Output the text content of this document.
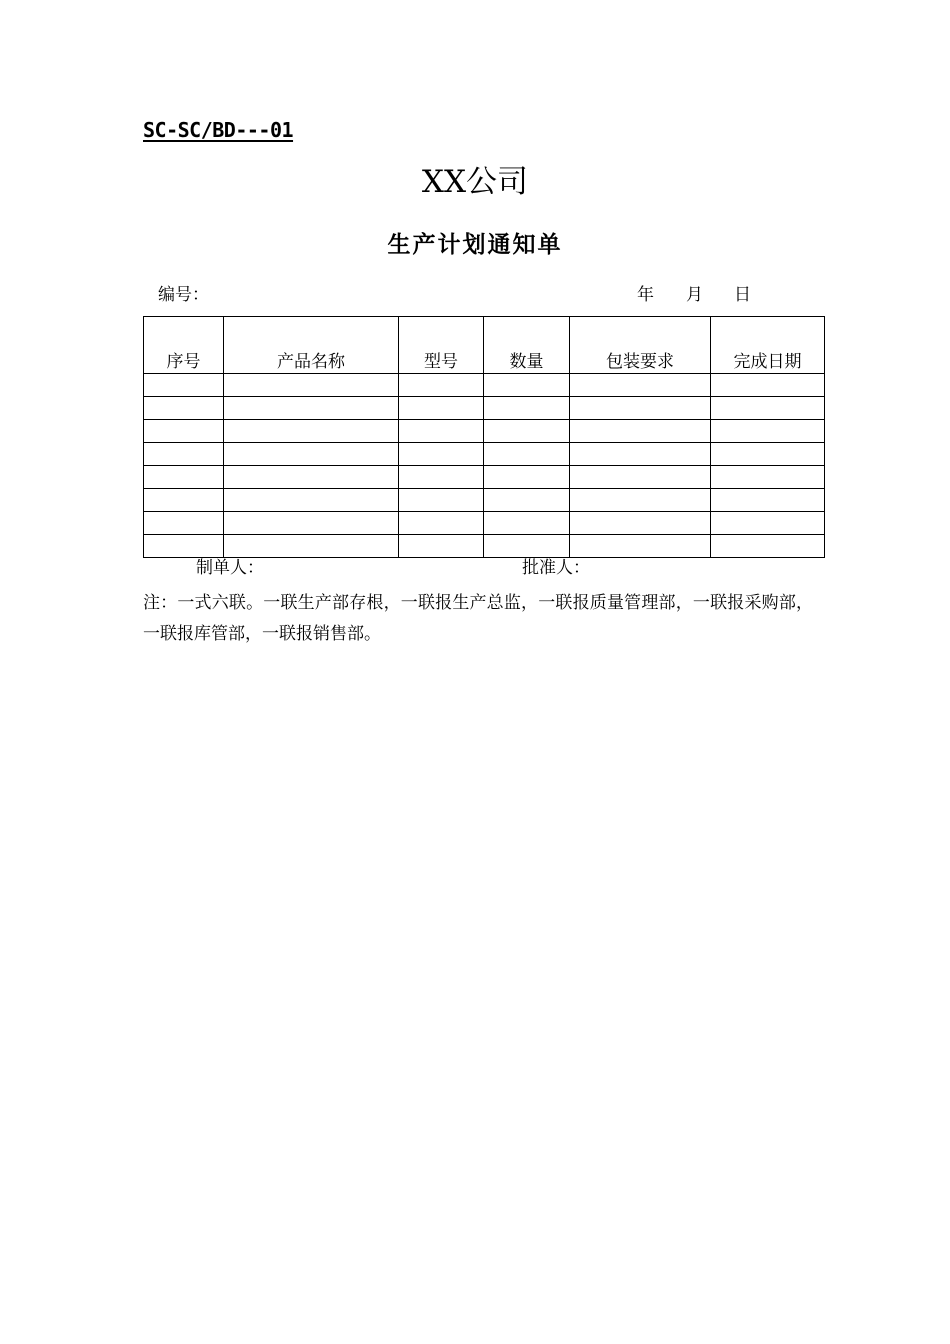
SC-SC/BD---01
XX公司
生产计划通知单
编号：	年 月 日
序号	产品名称	型号	数量	包装要求	完成日期

制单人：	批准人：
注：一式六联。一联生产部存根，一联报生产总监，一联报质量管理部，一联报采购部，一联报库管部，一联报销售部。
